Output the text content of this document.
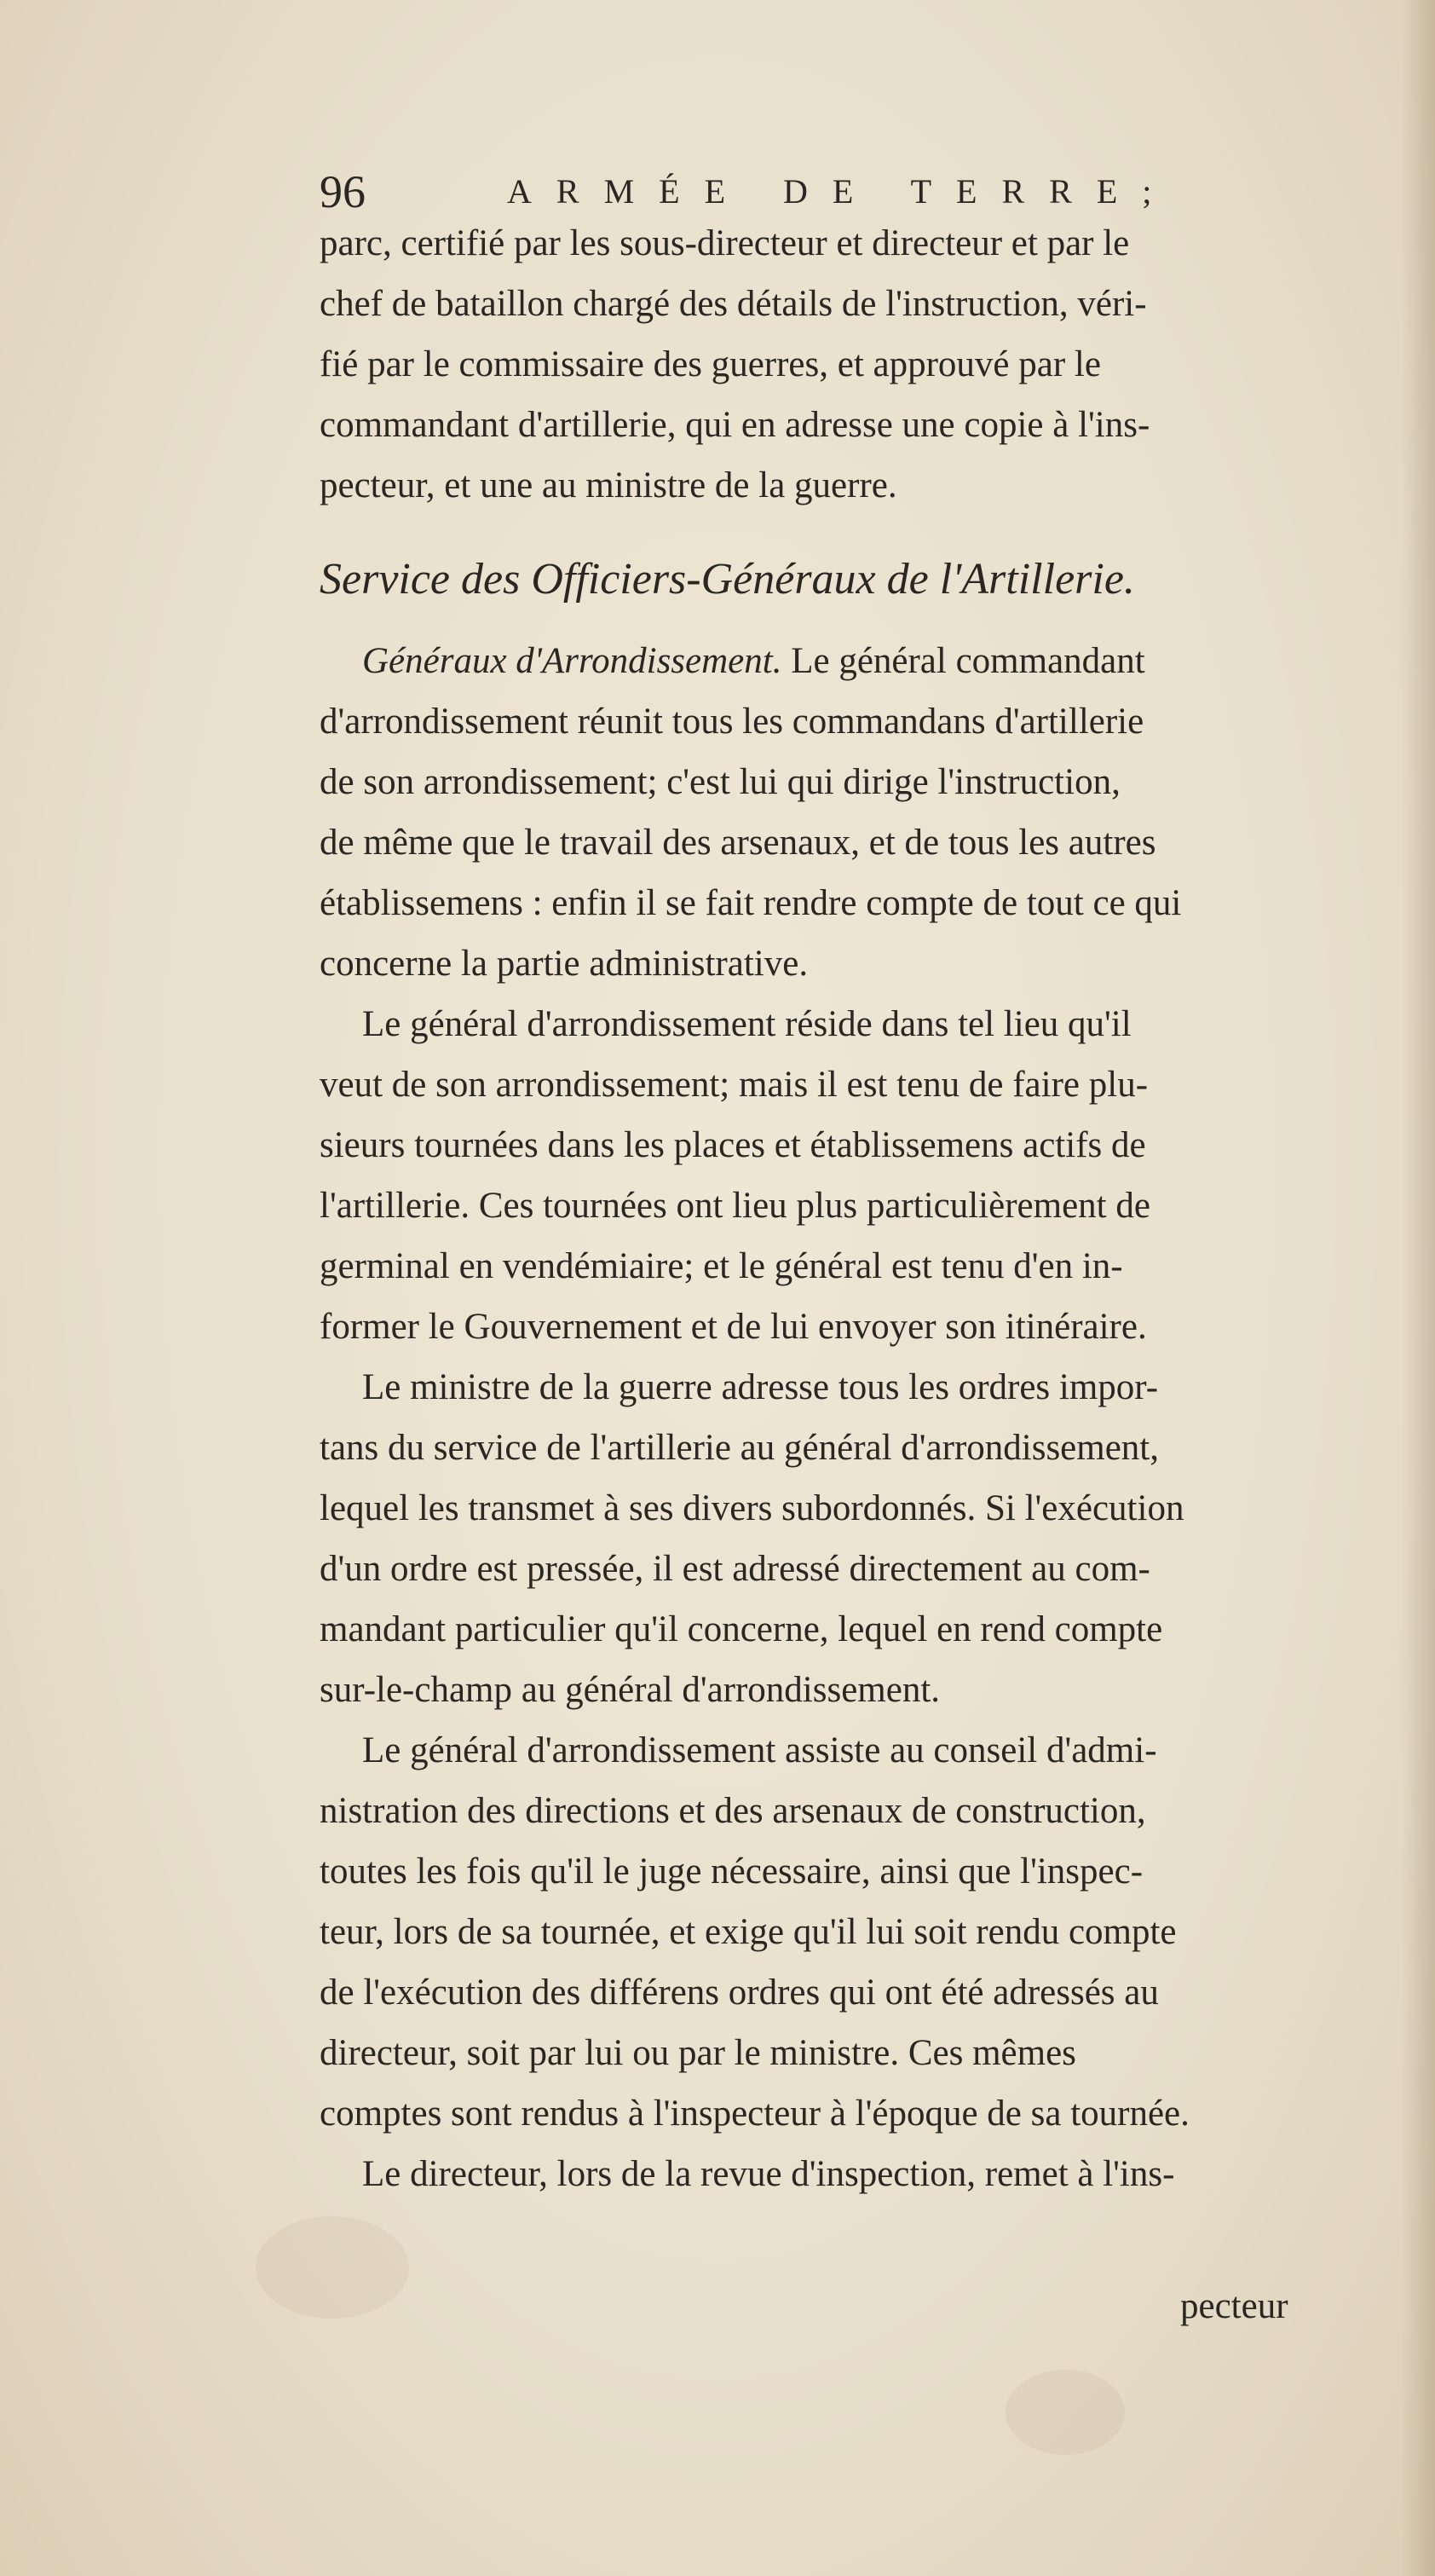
96	ARMÉE DE TERRE;
parc, certifié par les sous-directeur et directeur et par le
chef de bataillon chargé des détails de l'instruction, véri-
fié par le commissaire des guerres, et approuvé par le
commandant d'artillerie, qui en adresse une copie à l'ins-
pecteur, et une au ministre de la guerre.
Service des Officiers-Généraux de l'Artillerie.
Généraux d'Arrondissement. Le général commandant
d'arrondissement réunit tous les commandans d'artillerie
de son arrondissement; c'est lui qui dirige l'instruction,
de même que le travail des arsenaux, et de tous les autres
établissemens : enfin il se fait rendre compte de tout ce qui
concerne la partie administrative.
Le général d'arrondissement réside dans tel lieu qu'il
veut de son arrondissement; mais il est tenu de faire plu-
sieurs tournées dans les places et établissemens actifs de
l'artillerie. Ces tournées ont lieu plus particulièrement de
germinal en vendémiaire; et le général est tenu d'en in-
former le Gouvernement et de lui envoyer son itinéraire.
Le ministre de la guerre adresse tous les ordres impor-
tans du service de l'artillerie au général d'arrondissement,
lequel les transmet à ses divers subordonnés. Si l'exécution
d'un ordre est pressée, il est adressé directement au com-
mandant particulier qu'il concerne, lequel en rend compte
sur-le-champ au général d'arrondissement.
Le général d'arrondissement assiste au conseil d'admi-
nistration des directions et des arsenaux de construction,
toutes les fois qu'il le juge nécessaire, ainsi que l'inspec-
teur, lors de sa tournée, et exige qu'il lui soit rendu compte
de l'exécution des différens ordres qui ont été adressés au
directeur, soit par lui ou par le ministre. Ces mêmes
comptes sont rendus à l'inspecteur à l'époque de sa tournée.
Le directeur, lors de la revue d'inspection, remet à l'ins-
pecteur
